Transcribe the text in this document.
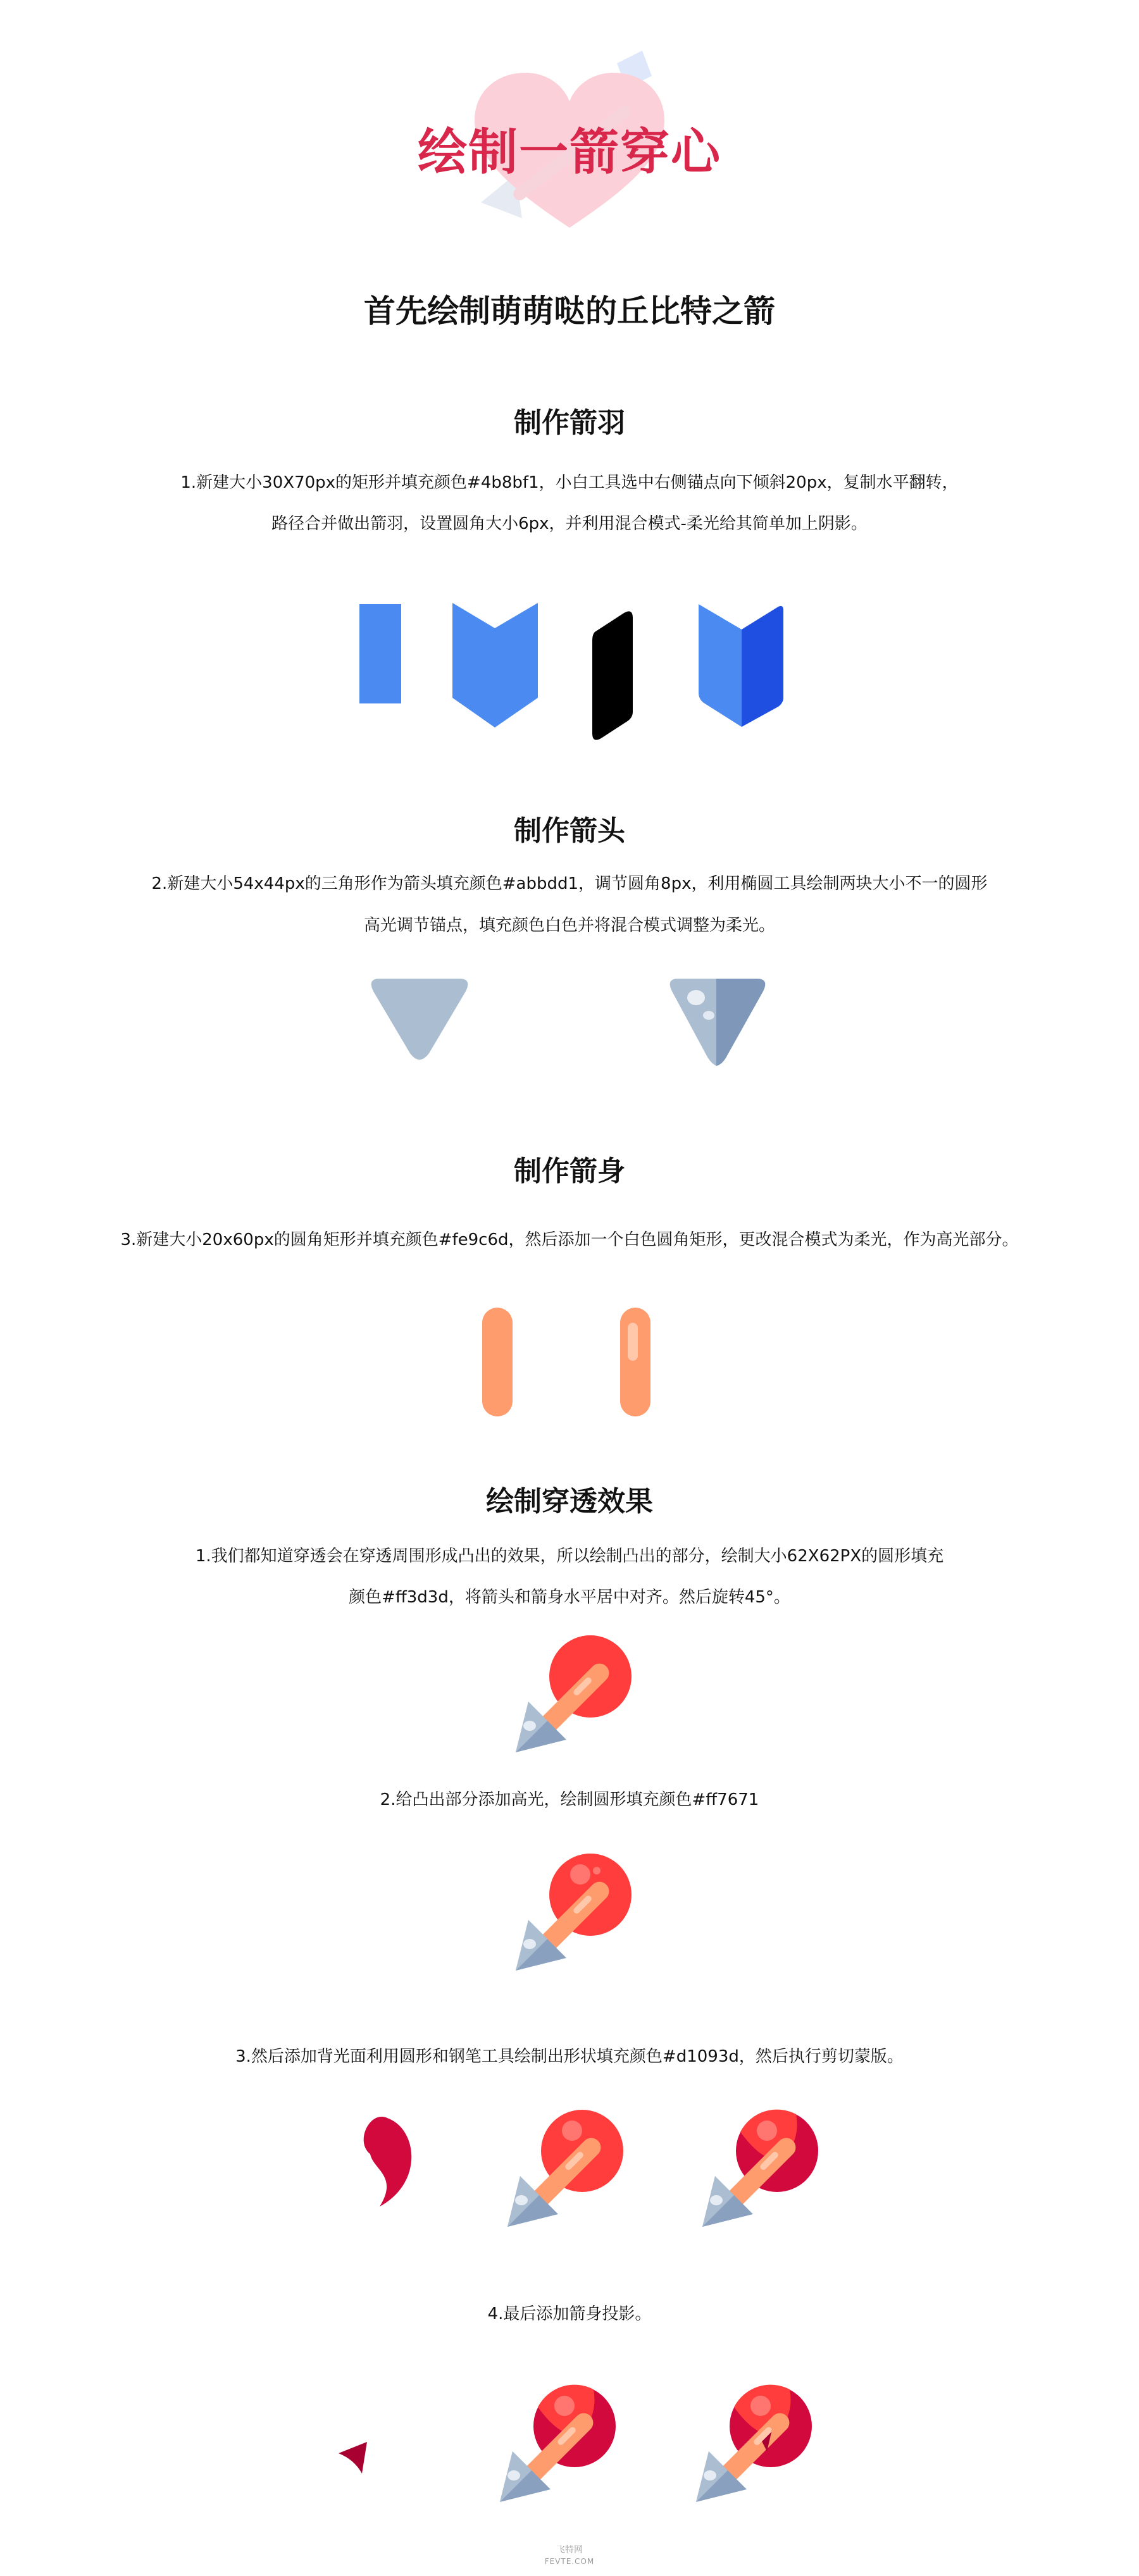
绘制一箭穿心
首先绘制萌萌哒的丘比特之箭
制作箭羽
1.新建大小30X70px的矩形并填充颜色#4b8bf1，小白工具选中右侧锚点向下倾斜20px，复制水平翻转，
路径合并做出箭羽，设置圆角大小6px，并利用混合模式-柔光给其简单加上阴影。
制作箭头
2.新建大小54x44px的三角形作为箭头填充颜色#abbdd1，调节圆角8px，利用椭圆工具绘制两块大小不一的圆形
高光调节锚点，填充颜色白色并将混合模式调整为柔光。
制作箭身
3.新建大小20x60px的圆角矩形并填充颜色#fe9c6d，然后添加一个白色圆角矩形，更改混合模式为柔光，作为高光部分。
绘制穿透效果
1.我们都知道穿透会在穿透周围形成凸出的效果，所以绘制凸出的部分，绘制大小62X62PX的圆形填充
颜色#ff3d3d，将箭头和箭身水平居中对齐。然后旋转45°。
2.给凸出部分添加高光，绘制圆形填充颜色#ff7671
3.然后添加背光面利用圆形和钢笔工具绘制出形状填充颜色#d1093d，然后执行剪切蒙版。
4.最后添加箭身投影。
飞特网
FEVTE.COM
